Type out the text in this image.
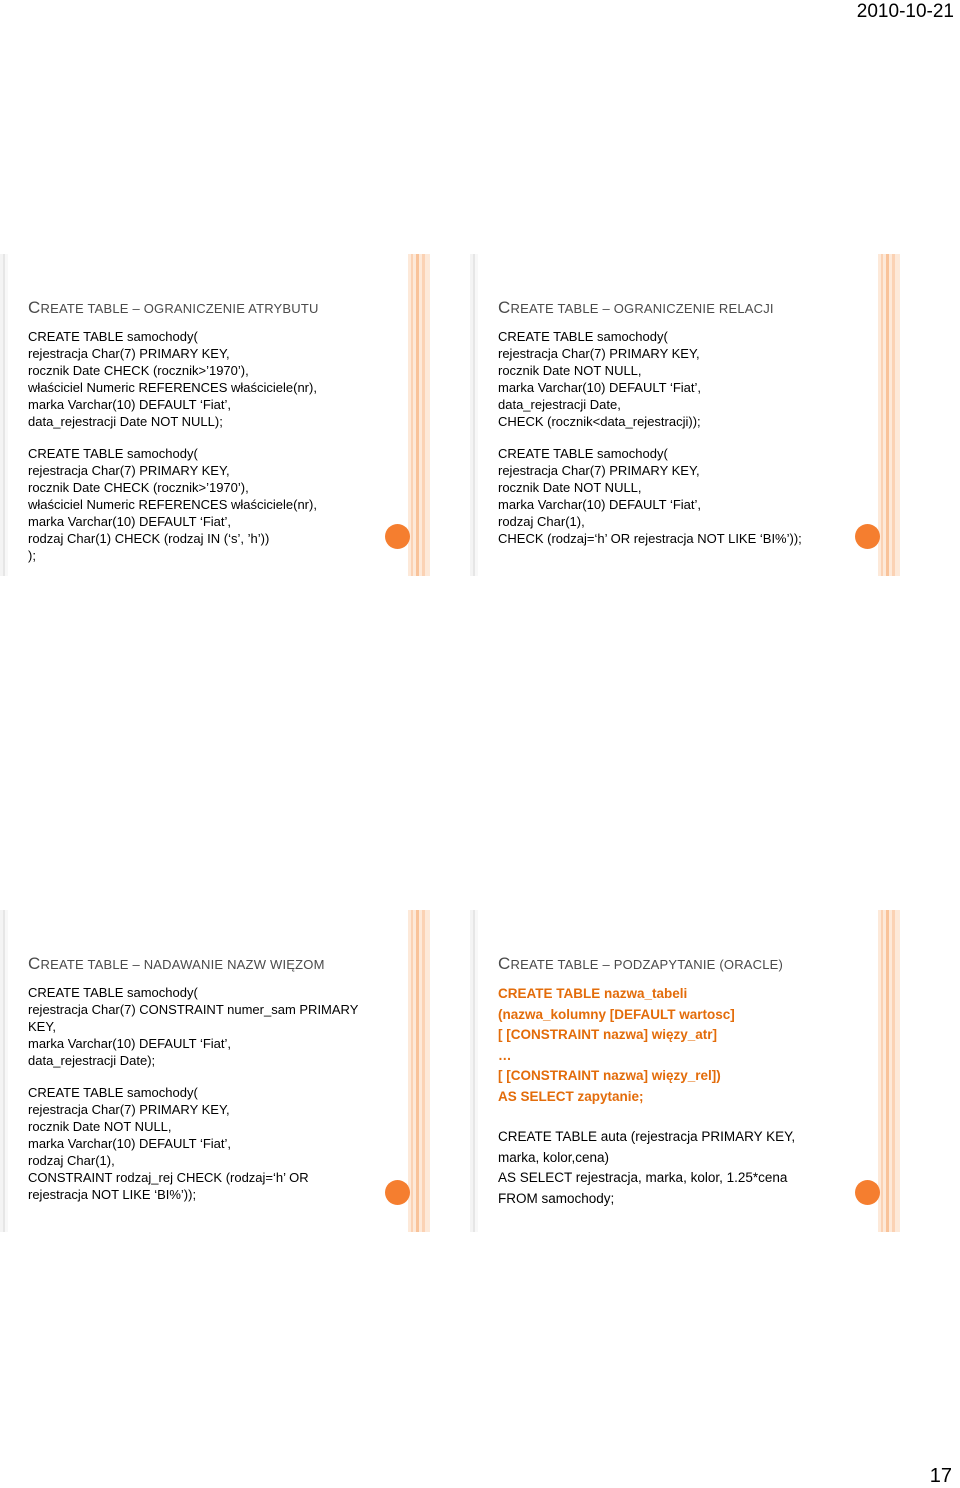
2010-10-21
CREATE TABLE – OGRANICZENIE ATRYBUTU
CREATE TABLE samochody(
rejestracja Char(7) PRIMARY KEY,
rocznik Date CHECK (rocznik>’1970’),
właściciel Numeric REFERENCES właściciele(nr),
marka Varchar(10) DEFAULT ‘Fiat’,
data_rejestracji Date NOT NULL);
CREATE TABLE samochody(
rejestracja Char(7) PRIMARY KEY,
rocznik Date CHECK (rocznik>’1970’),
właściciel Numeric REFERENCES właściciele(nr),
marka Varchar(10) DEFAULT ‘Fiat’,
rodzaj Char(1) CHECK (rodzaj IN (‘s’, ’h’))
);
CREATE TABLE – OGRANICZENIE RELACJI
CREATE TABLE samochody(
rejestracja Char(7) PRIMARY KEY,
rocznik Date NOT NULL,
marka Varchar(10) DEFAULT ‘Fiat’,
data_rejestracji Date,
CHECK (rocznik<data_rejestracji));
CREATE TABLE samochody(
rejestracja Char(7) PRIMARY KEY,
rocznik Date NOT NULL,
marka Varchar(10) DEFAULT ‘Fiat’,
rodzaj Char(1),
CHECK (rodzaj=‘h’ OR rejestracja NOT LIKE ‘BI%’));
CREATE TABLE – NADAWANIE NAZW WIĘZOM
CREATE TABLE samochody(
rejestracja Char(7) CONSTRAINT numer_sam PRIMARY
KEY,
marka Varchar(10) DEFAULT ‘Fiat’,
data_rejestracji Date);
CREATE TABLE samochody(
rejestracja Char(7) PRIMARY KEY,
rocznik Date NOT NULL,
marka Varchar(10) DEFAULT ‘Fiat’,
rodzaj Char(1),
CONSTRAINT rodzaj_rej CHECK (rodzaj=‘h’ OR
rejestracja NOT LIKE ‘BI%’));
CREATE TABLE – PODZAPYTANIE (ORACLE)
CREATE TABLE nazwa_tabeli
(nazwa_kolumny [DEFAULT wartosc]
[ [CONSTRAINT nazwa] więzy_atr]
…
[ [CONSTRAINT nazwa] więzy_rel])
AS SELECT zapytanie;
CREATE TABLE auta (rejestracja PRIMARY KEY,
marka, kolor,cena)
AS SELECT rejestracja, marka, kolor, 1.25*cena
FROM samochody;
17
